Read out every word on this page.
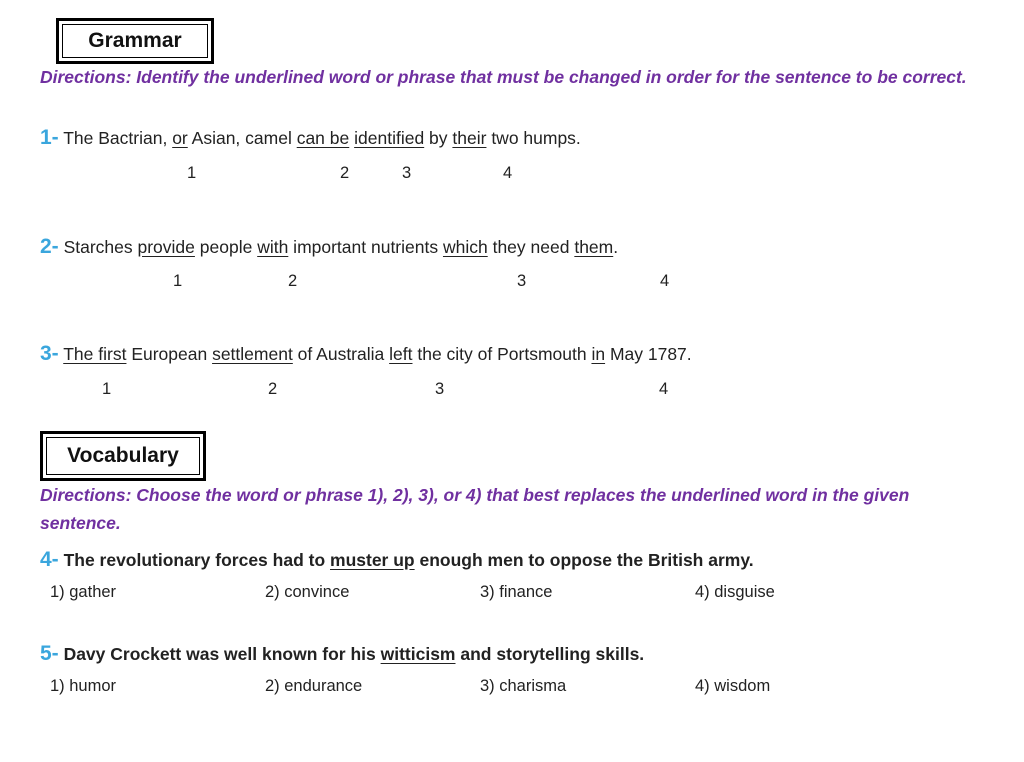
Grammar
Directions: Identify the underlined word or phrase that must be changed in order for the sentence to be correct.
1- The Bactrian, or Asian, camel can be identified by their two humps.
1	2	3	4
2- Starches provide people with important nutrients which they need them.
1	2	3	4
3- The first European settlement of Australia left the city of Portsmouth in May 1787.
1	2	3	4
Vocabulary
Directions: Choose the word or phrase 1), 2), 3), or 4) that best replaces the underlined word in the given sentence.
4- The revolutionary forces had to muster up enough men to oppose the British army.
1) gather	2) convince	3) finance	4) disguise
5- Davy Crockett was well known for his witticism and storytelling skills.
1) humor	2) endurance	3) charisma	4) wisdom
